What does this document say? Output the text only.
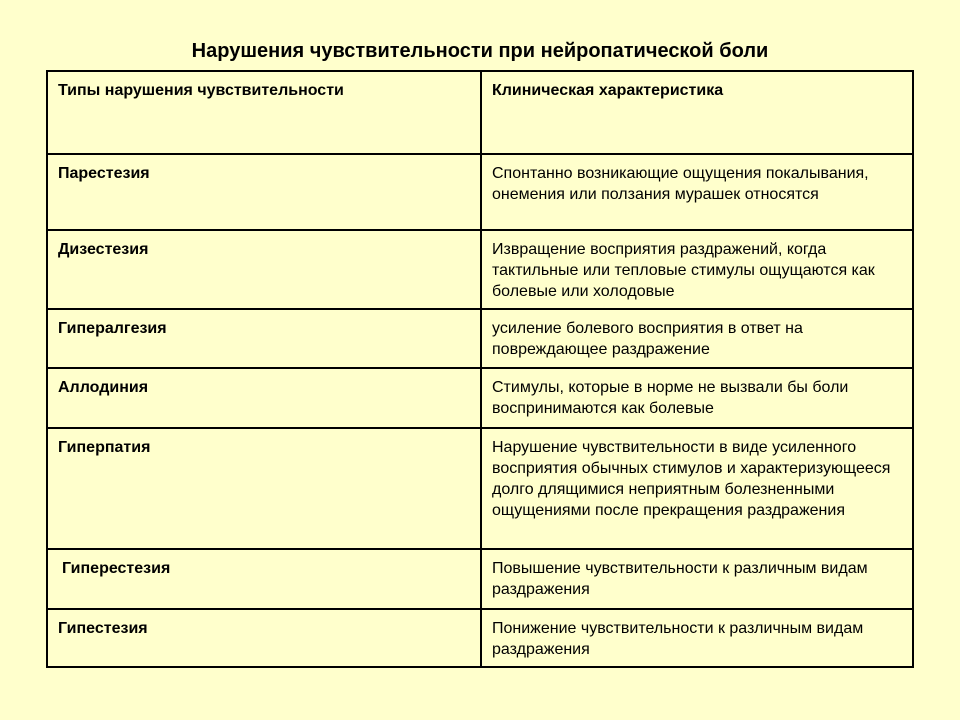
Нарушения чувствительности при нейропатической боли
Типы нарушения чувствительности	Клиническая характеристика
Парестезия	Спонтанно возникающие ощущения покалывания, онемения или ползания мурашек относятся
Дизестезия	Извращение восприятия раздражений, когда тактильные или тепловые стимулы ощущаются как болевые или холодовые
Гипералгезия	усиление болевого восприятия в ответ на повреждающее раздражение
Аллодиния	Стимулы, которые в норме не вызвали бы боли воспринимаются как болевые
Гиперпатия	Нарушение чувствительности в виде усиленного восприятия обычных стимулов и характеризующееся долго длящимися неприятным болезненными ощущениями после прекращения раздражения
Гиперестезия	Повышение чувствительности к различным видам раздражения
Гипестезия	Понижение чувствительности к различным видам раздражения
